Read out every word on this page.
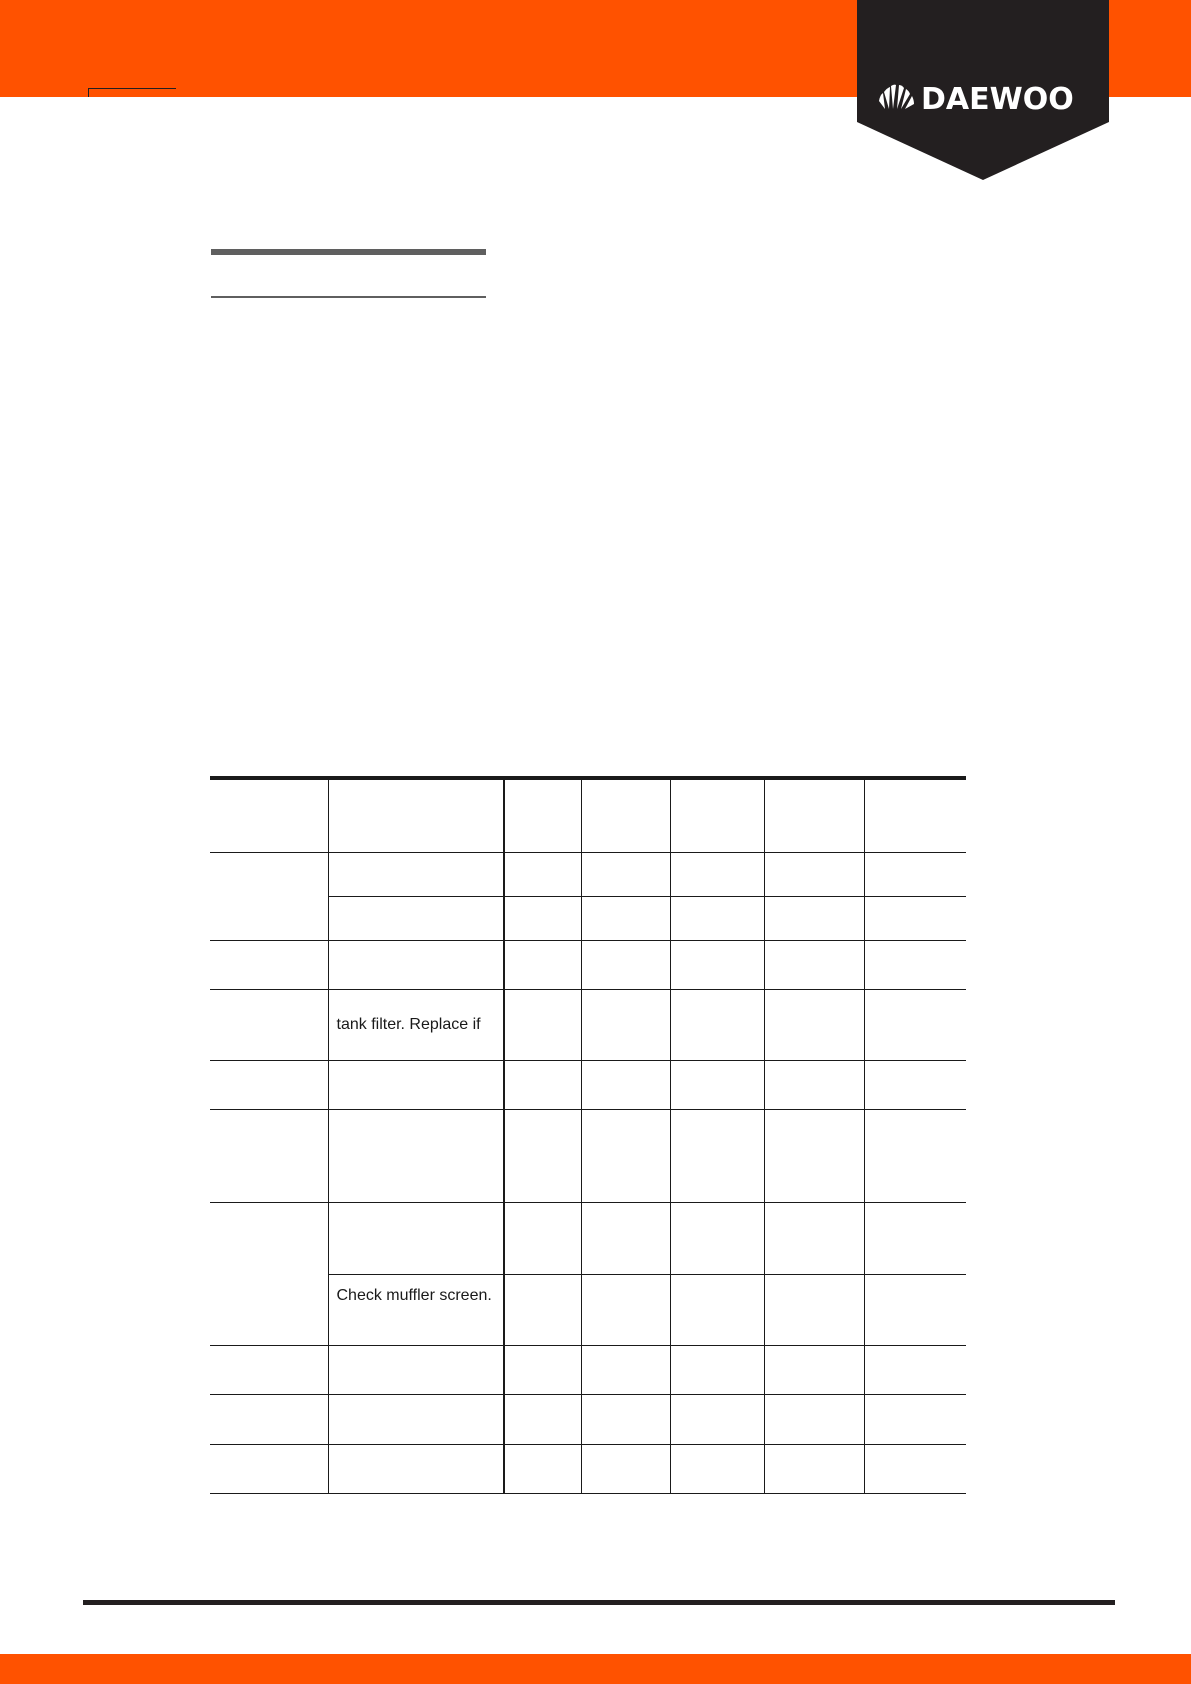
DAEWOO

	tank filter. Replace if					

	Check muffler screen.					
